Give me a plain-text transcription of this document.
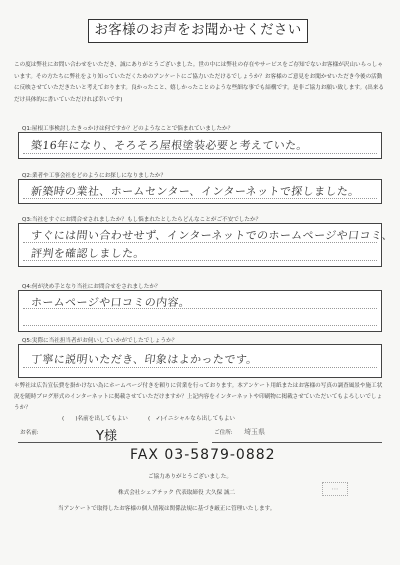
お客様のお声をお聞かせください
この度は弊社にお問い合わせをいただき、誠にありがとうございました。世の中には弊社の存在やサービスをご存知でないお客様が沢山いらっしゃいます。その方たちに弊社をより知っていただくためのアンケートにご協力いただけるでしょうか？お客様のご意見をお聞かせいただき今後の活動に反映させていただきたいと考えております。良かったこと、嬉しかったことのような些細な事でも結構です。是非ご協力お願い致します。(出来るだけ具体的に書いていただければ幸いです)
Q1:屋根工事検討したきっかけは何ですか？どのようなことで悩まれていましたか？
築16年になり、そろそろ屋根塗装必要と考えていた。
Q2:業者や工事会社をどのようにお探しになりましたか？
新築時の業社、ホームセンター、インターネットで探しました。
Q3:当社をすぐにお問合せされましたか？もし悩まれたとしたらどんなことがご不安でしたか？
すぐには問い合わせせず、インターネットでのホームページや口コミ、
評判を確認しました。
Q4:何が決め手となり当社にお問合せをされましたか？
ホームページや口コミの内容。
Q5:実際に当社担当者がお伺いしていかがでしたでしょうか？
丁寧に説明いただき、印象はよかったです。
＊弊社は広告宣伝費を掛かけない為にホームページ付きを頼りに営業を行っております。本アンケート用紙またはお客様の写真の調査風景や施工状況を随時ブログ形式のインターネットに掲載させていただけますか？上記内容をインターネットや印刷物に掲載させていただいてもよろしいでしょうか？
(　　)名前を出してもよい	(　✓)イニシャルなら出してもよい
お名前:	Y様	ご住所: 埼玉県
FAX 03-5879-0882
⋯
ご協力ありがとうございました。
株式会社シェアテック 代表取締役 大久保 誠二
当アンケートで取得したお客様の個人情報は関係法規に基づき厳正に管理いたします。
